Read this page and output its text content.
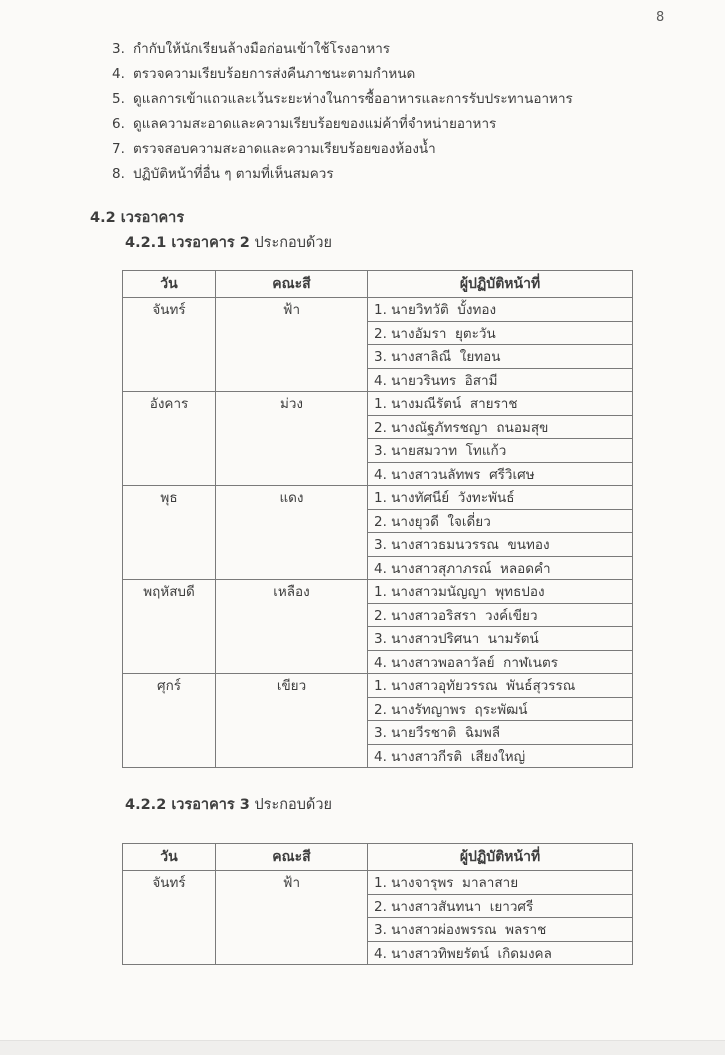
8
3. กำกับให้นักเรียนล้างมือก่อนเข้าใช้โรงอาหาร
4. ตรวจความเรียบร้อยการส่งคืนภาชนะตามกำหนด
5. ดูแลการเข้าแถวและเว้นระยะห่างในการซื้ออาหารและการรับประทานอาหาร
6. ดูแลความสะอาดและความเรียบร้อยของแม่ค้าที่จำหน่ายอาหาร
7. ตรวจสอบความสะอาดและความเรียบร้อยของห้องน้ำ
8. ปฏิบัติหน้าที่อื่น ๆ ตามที่เห็นสมควร
4.2 เวรอาคาร
4.2.1 เวรอาคาร 2 ประกอบด้วย
วัน	คณะสี	ผู้ปฏิบัติหน้าที่
จันทร์	ฟ้า	1. นายวิทวัติ  บั้งทอง
		2. นางอัมรา  ยุตะวัน
		3. นางสาลิณี  ใยทอน
		4. นายวรินทร  อิสามี
อังคาร	ม่วง	1. นางมณีรัตน์  สายราช
		2. นางณัฐภัทรชญา  ถนอมสุข
		3. นายสมวาท  โทแก้ว
		4. นางสาวนลัทพร  ศรีวิเศษ
พุธ	แดง	1. นางทัศนีย์  วังทะพันธ์
		2. นางยุวดี  ใจเดี่ยว
		3. นางสาวธมนวรรณ  ขนทอง
		4. นางสาวสุภาภรณ์  หลอดคำ
พฤหัสบดี	เหลือง	1. นางสาวมนัญญา  พุทธปอง
		2. นางสาวอริสรา  วงค์เขียว
		3. นางสาวปริศนา  นามรัตน์
		4. นางสาวพอลาวัลย์  กาฬเนตร
ศุกร์	เขียว	1. นางสาวอุทัยวรรณ  พันธ์สุวรรณ
		2. นางรัทญาพร  ฤระพัฒน์
		3. นายวีรชาติ  ฉิมพลี
		4. นางสาวกีรติ  เสียงใหญ่
4.2.2 เวรอาคาร 3 ประกอบด้วย
วัน	คณะสี	ผู้ปฏิบัติหน้าที่
จันทร์	ฟ้า	1. นางจารุพร  มาลาสาย
		2. นางสาวสันทนา  เยาวศรี
		3. นางสาวผ่องพรรณ  พลราช
		4. นางสาวทิพยรัตน์  เกิดมงคล
